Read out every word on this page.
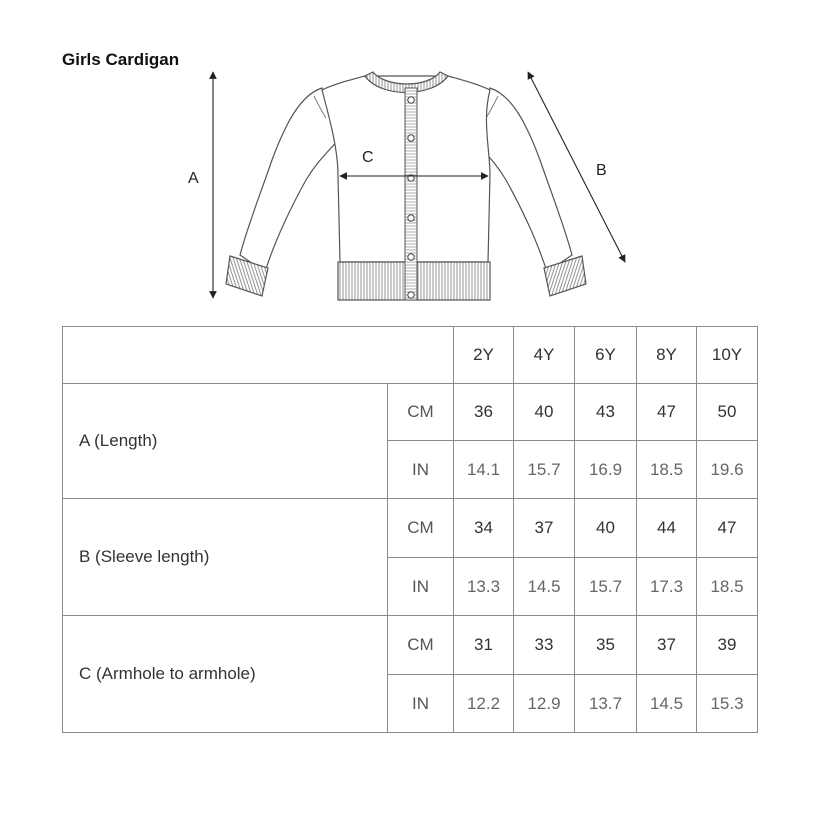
Girls Cardigan
A	B
C
		2Y	4Y	6Y	8Y	10Y
A (Length)	CM	36	40	43	47	50
	IN	14.1	15.7	16.9	18.5	19.6
B (Sleeve length)	CM	34	37	40	44	47
	IN	13.3	14.5	15.7	17.3	18.5
C (Armhole to armhole)	CM	31	33	35	37	39
	IN	12.2	12.9	13.7	14.5	15.3
